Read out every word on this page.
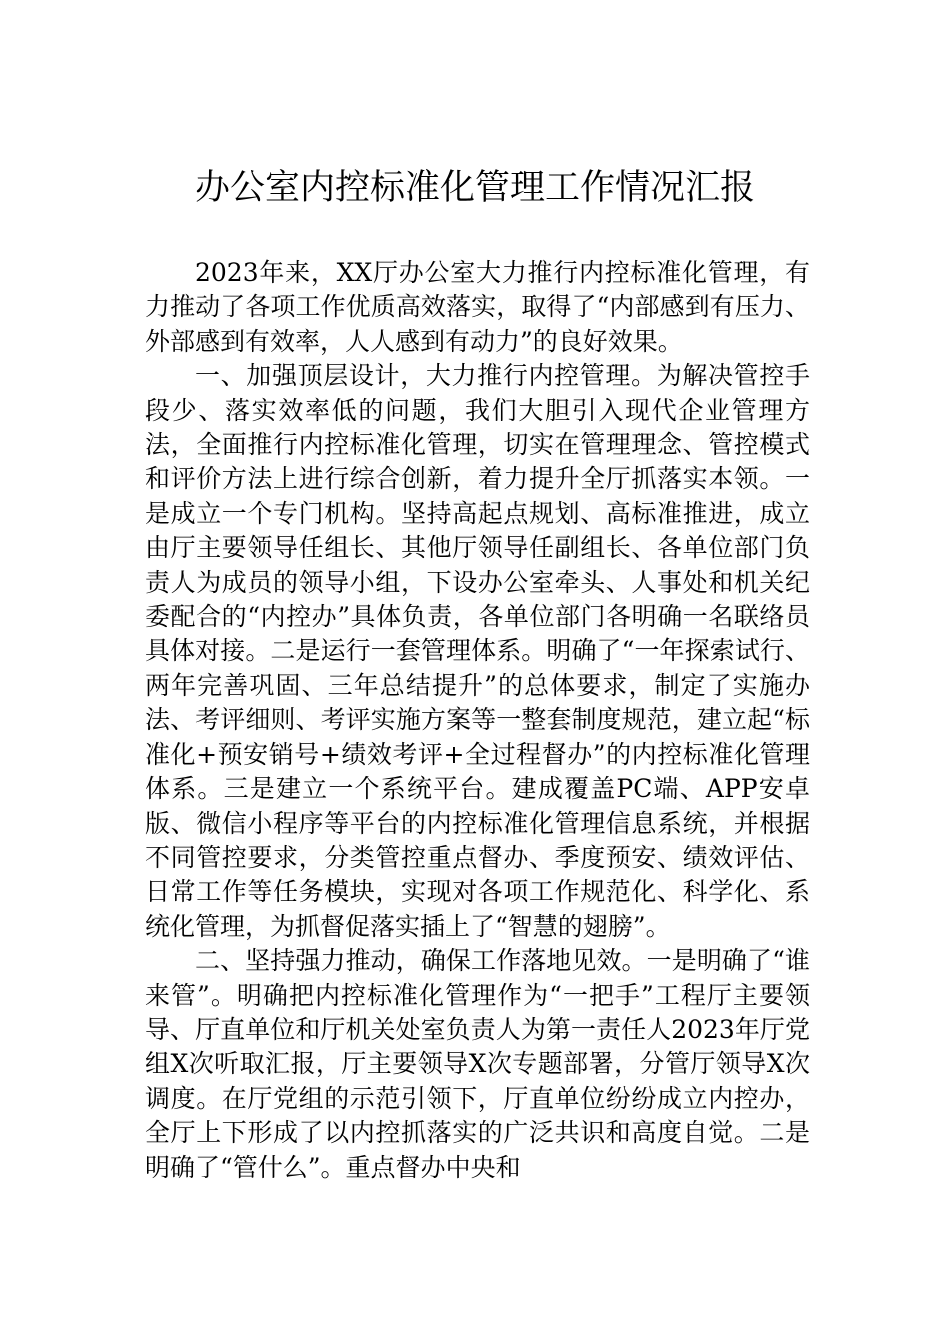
办公室内控标准化管理工作情况汇报

2023年来，XX厅办公室大力推行内控标准化管理，有力推动了各项工作优质高效落实，取得了“内部感到有压力、外部感到有效率，人人感到有动力”的良好效果。

一、加强顶层设计，大力推行内控管理。为解决管控手段少、落实效率低的问题，我们大胆引入现代企业管理方法，全面推行内控标准化管理，切实在管理理念、管控模式和评价方法上进行综合创新，着力提升全厅抓落实本领。一是成立一个专门机构。坚持高起点规划、高标准推进，成立由厅主要领导任组长、其他厅领导任副组长、各单位部门负责人为成员的领导小组，下设办公室牵头、人事处和机关纪委配合的“内控办”具体负责，各单位部门各明确一名联络员具体对接。二是运行一套管理体系。明确了“一年探索试行、两年完善巩固、三年总结提升”的总体要求，制定了实施办法、考评细则、考评实施方案等一整套制度规范，建立起“标准化+预安销号+绩效考评+全过程督办”的内控标准化管理体系。三是建立一个系统平台。建成覆盖PC端、APP安卓版、微信小程序等平台的内控标准化管理信息系统，并根据不同管控要求，分类管控重点督办、季度预安、绩效评估、日常工作等任务模块，实现对各项工作规范化、科学化、系统化管理，为抓督促落实插上了“智慧的翅膀”。

二、坚持强力推动，确保工作落地见效。一是明确了“谁来管”。明确把内控标准化管理作为“一把手”工程厅主要领导、厅直单位和厅机关处室负责人为第一责任人2023年厅党组X次听取汇报，厅主要领导X次专题部署，分管厅领导X次调度。在厅党组的示范引领下，厅直单位纷纷成立内控办，全厅上下形成了以内控抓落实的广泛共识和高度自觉。二是明确了“管什么”。重点督办中央和
